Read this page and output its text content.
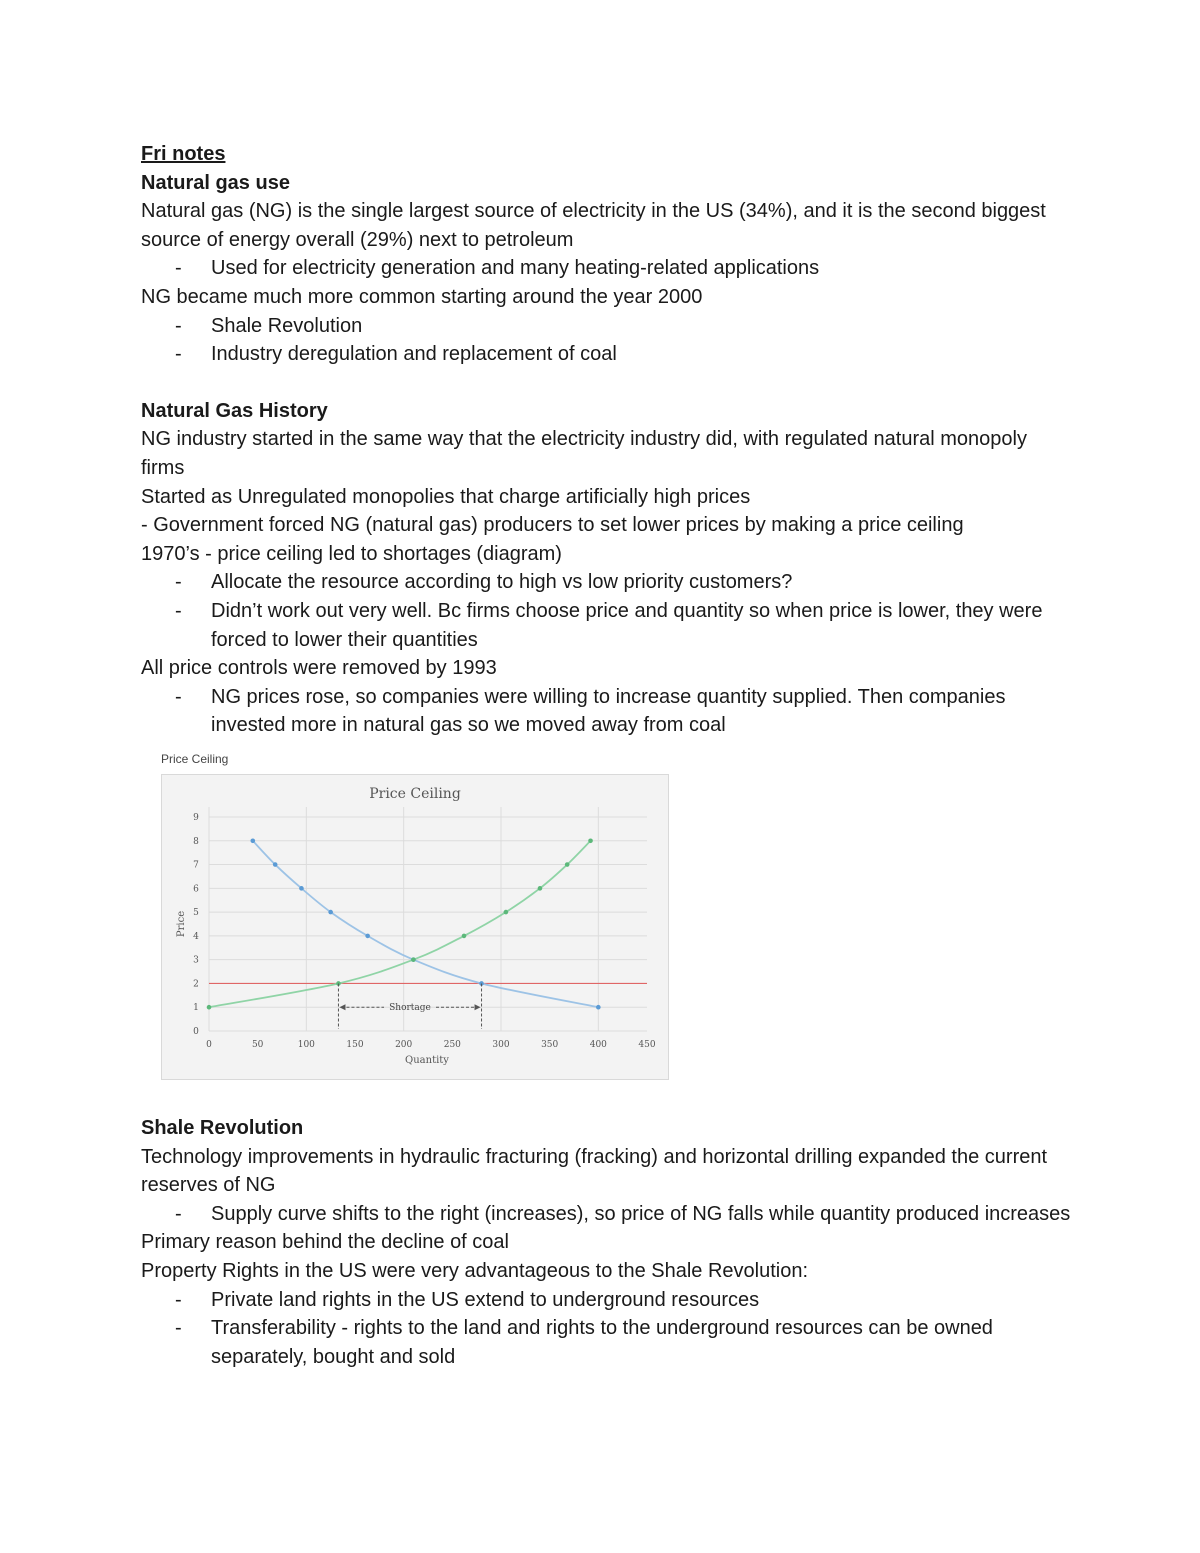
Fri notes

Natural gas use

Natural gas (NG) is the single largest source of electricity in the US (34%), and it is the second biggest source of energy overall (29%) next to petroleum

- Used for electricity generation and many heating-related applications

NG became much more common starting around the year 2000

- Shale Revolution

- Industry deregulation and replacement of coal

Natural Gas History

NG industry started in the same way that the electricity industry did, with regulated natural monopoly firms

Started as Unregulated monopolies that charge artificially high prices

- Government forced NG (natural gas) producers to set lower prices by making a price ceiling

1970’s - price ceiling led to shortages (diagram)

- Allocate the resource according to high vs low priority customers?

- Didn’t work out very well. Bc firms choose price and quantity so when price is lower, they were forced to lower their quantities

All price controls were removed by 1993

- NG prices rose, so companies were willing to increase quantity supplied. Then companies invested more in natural gas so we moved away from coal

Price Ceiling
Shortage
0
1
2
3
4
5
6
7
8
9
0	50	100	150	200	250	300	350	400	450
Price Ceiling
Quantity
Price

Shale Revolution

Technology improvements in hydraulic fracturing (fracking) and horizontal drilling expanded the current reserves of NG

- Supply curve shifts to the right (increases), so price of NG falls while quantity produced increases

Primary reason behind the decline of coal

Property Rights in the US were very advantageous to the Shale Revolution:

- Private land rights in the US extend to underground resources

- Transferability - rights to the land and rights to the underground resources can be owned separately, bought and sold
